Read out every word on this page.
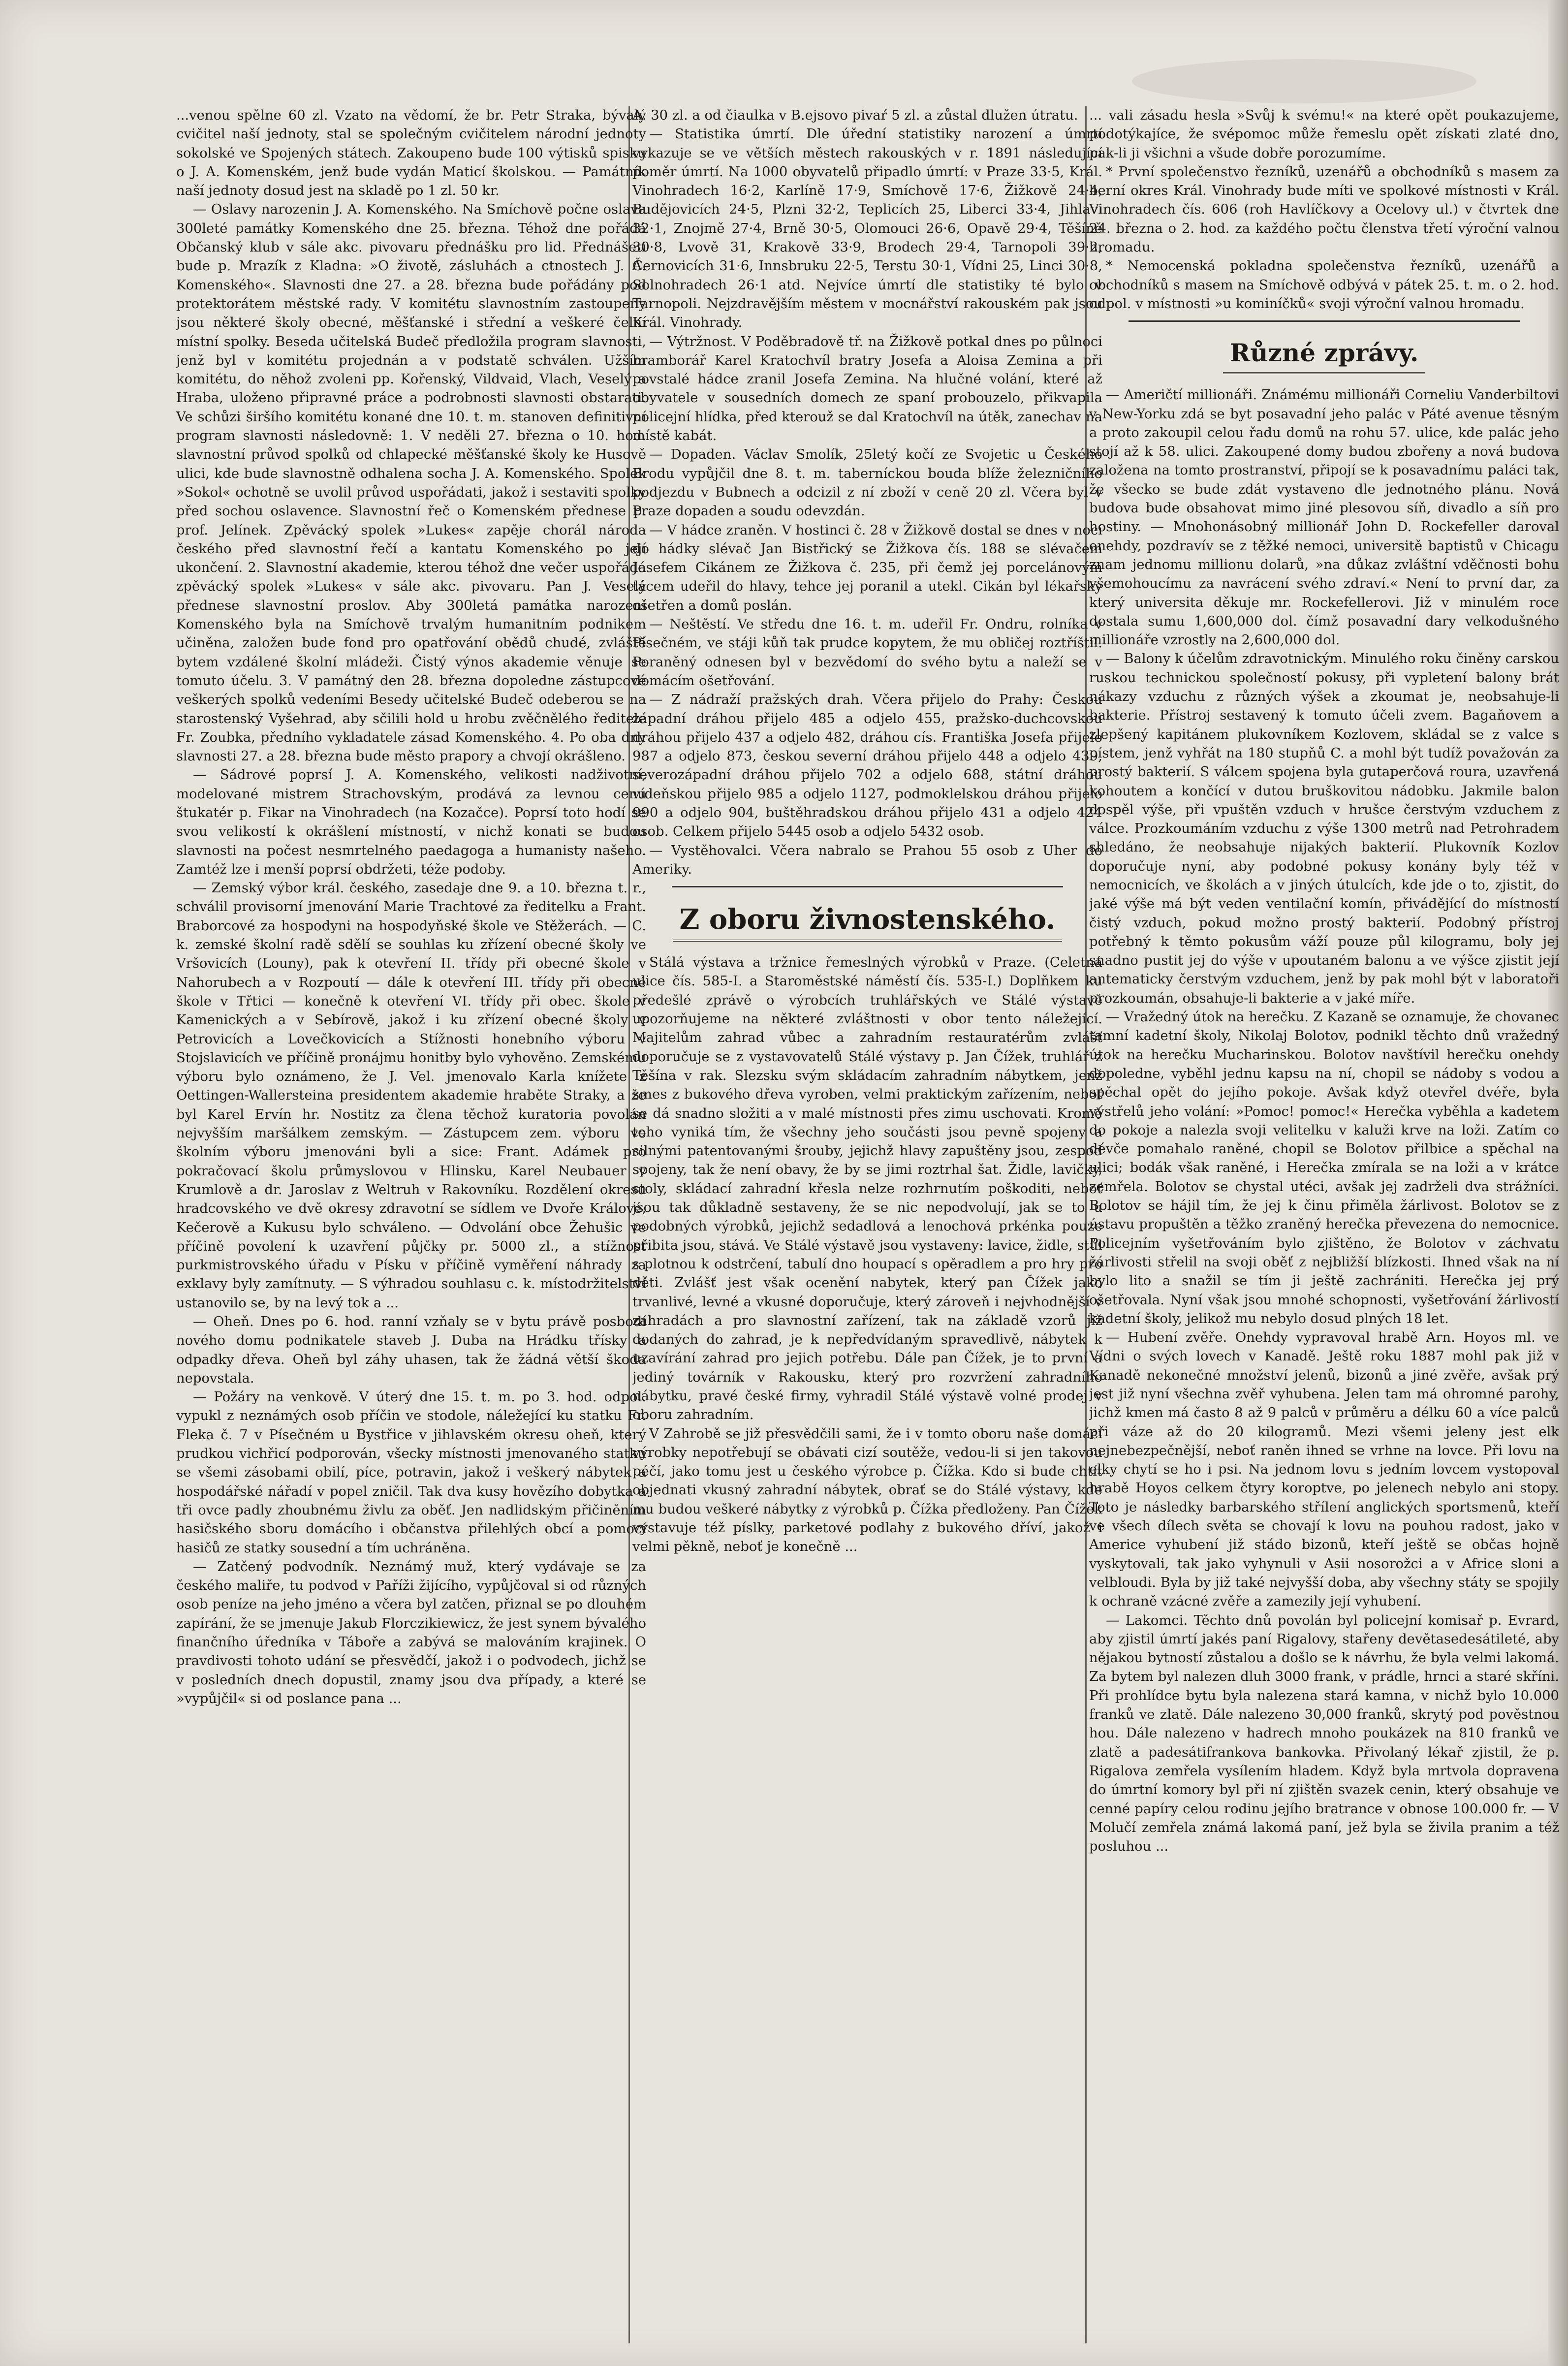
...venou spělne 60 zl. Vzato na vědomí, že br. Petr Straka, bývalý cvičitel naší jednoty, stal se společným cvičitelem národní jednoty sokolské ve Spojených státech. Zakoupeno bude 100 výtisků spisku o J. A. Komenském, jenž bude vydán Maticí školskou. — Památník naší jednoty dosud jest na skladě po 1 zl. 50 kr.

— Oslavy narozenin J. A. Komenského. Na Smíchově počne oslava 300leté památky Komenského dne 25. března. Téhož dne pořádá Občanský klub v sále akc. pivovaru přednášku pro lid. Přednášeti bude p. Mrazík z Kladna: »O životě, zásluhách a ctnostech J. A. Komenského«. Slavnosti dne 27. a 28. března bude pořádány pod protektorátem městské rady. V komitétu slavnostním zastoupeny jsou některé školy obecné, měšťanské i střední a veškeré čelní místní spolky. Beseda učitelská Budeč předložila program slavnosti, jenž byl v komitétu projednán a v podstatě schválen. Užším komitétu, do něhož zvoleni pp. Kořenský, Vildvaid, Vlach, Veselý a Hraba, uloženo připravné práce a podrobnosti slavnosti obstarati. Ve schůzi širšího komitétu konané dne 10. t. m. stanoven definitivní program slavnosti následovně: 1. V neděli 27. března o 10. hod. slavnostní průvod spolků od chlapecké měšťanské školy ke Husově ulici, kde bude slavnostně odhalena socha J. A. Komenského. Spolek »Sokol« ochotně se uvolil průvod uspořádati, jakož i sestaviti spolky před sochou oslavence. Slavnostní řeč o Komenském přednese p. prof. Jelínek. Zpěvácký spolek »Lukes« zapěje chorál národa českého před slavnostní řečí a kantatu Komenského po její ukončení. 2. Slavnostní akademie, kterou téhož dne večer uspořádá zpěvácký spolek »Lukes« v sále akc. pivovaru. Pan J. Veselý přednese slavnostní proslov. Aby 300letá památka narození Komenského byla na Smíchově trvalým humanitním podnikem učiněna, založen bude fond pro opatřování obědů chudé, zvláště bytem vzdálené školní mládeži. Čistý výnos akademie věnuje se tomuto účelu. 3. V památný den 28. března dopoledne zástupcové veškerých spolků vedeními Besedy učitelské Budeč odeberou se na starostenský Vyšehrad, aby sčilili hold u hrobu zvěčnělého ředitele Fr. Zoubka, předního vykladatele zásad Komenského. 4. Po oba dny slavnosti 27. a 28. března bude město prapory a chvojí okrášleno.

— Sádrové poprsí J. A. Komenského, velikosti nadživotní, modelované mistrem Strachovským, prodává za levnou cenu štukatér p. Fikar na Vinohradech (na Kozačce). Poprsí toto hodí se svou velikostí k okrášlení místností, v nichž konati se budou slavnosti na počest nesmrtelného paedagoga a humanisty našeho. Zamtéž lze i menší poprsí obdržeti, téže podoby.

— Zemský výbor král. českého, zasedaje dne 9. a 10. března t. r., schválil provisorní jmenování Marie Trachtové za ředitelku a Frant. Braborcové za hospodyni na hospodyňské škole ve Stěžerách. — C. k. zemské školní radě sdělí se souhlas ku zřízení obecné školy ve Vršovicích (Louny), pak k otevření II. třídy při obecné škole v Nahorubech a v Rozpoutí — dále k otevření III. třídy při obecné škole v Třtici — konečně k otevření VI. třídy při obec. škole v Kamenických a v Sebírově, jakož i ku zřízení obecné školy v Petrovicích a Lovečkovicích a Stížnosti honebního výboru v Stojslavicích ve příčině pronájmu honitby bylo vyhověno. Zemskému výboru bylo oznámeno, že J. Vel. jmenovalo Karla knížete z Oettingen-Wallersteina presidentem akademie hraběte Straky, a že byl Karel Ervín hr. Nostitz za člena těchož kuratoria povolán nejvyšším maršálkem zemským. — Zástupcem zem. výboru ve školním výboru jmenováni byli a sice: Frant. Adámek pro pokračovací školu průmyslovou v Hlinsku, Karel Neubauer v Krumlově a dr. Jaroslav z Weltruh v Rakovníku. Rozdělení okresu hradcovského ve dvě okresy zdravotní se sídlem ve Dvoře Králové, Kečerově a Kukusu bylo schváleno. — Odvolání obce Žehušic ve příčině povolení k uzavření půjčky pr. 5000 zl., a stížnost purkmistrovského úřadu v Písku v příčině vyměření náhrady za exklavy byly zamítnuty. — S výhradou souhlasu c. k. místodržitelství ustanovilo se, by na levý tok a ...

— Oheň. Dnes po 6. hod. ranní vzňaly se v bytu právě posbodí nového domu podnikatele staveb J. Duba na Hrádku třísky a odpadky dřeva. Oheň byl záhy uhasen, tak že žádná větší škoda nepovstala.

— Požáry na venkově. V úterý dne 15. t. m. po 3. hod. odpol. vypukl z neznámých osob příčin ve stodole, náležející ku statku Fr. Fleka č. 7 v Písečném u Bystřice v jihlavském okresu oheň, který prudkou vichřicí podporován, všecky místnosti jmenovaného statku se všemi zásobami obilí, píce, potravin, jakož i veškerý nábytek a hospodářské nářadí v popel zničil. Tak dva kusy hovězího dobytka a tři ovce padly zhoubnému živlu za oběť. Jen nadlidským přičiněním hasičského sboru domácího i občanstva přilehlých obcí a pomocí hasičů ze statky sousední a tím uchráněna.

— Zatčený podvodník. Neznámý muž, který vydávaje se za českého maliře, tu podvod v Paříži žijícího, vypůjčoval si od různých osob peníze na jeho jméno a včera byl zatčen, přiznal se po dlouhém zapírání, že se jmenuje Jakub Florczikiewicz, že jest synem bývalého finančního úředníka v Táboře a zabývá se malováním krajinek. O pravdivosti tohoto udání se přesvědčí, jakož i o podvodech, jichž se v posledních dnech dopustil, znamy jsou dva případy, a které se »vypůjčil« si od poslance pana ...

A. 30 zl. a od čiaulka v B.ejsovo pivaŕ 5 zl. a zůstal dlužen útratu.

— Statistika úmrtí. Dle úřední statistiky narození a úmrtí vykazuje se ve větších městech rakouských v r. 1891 následující poměr úmrtí. Na 1000 obyvatelů připadlo úmrtí: v Praze 33·5, Král. Vinohradech 16·2, Karlíně 17·9, Smíchově 17·6, Žižkově 24·4, Budějovicích 24·5, Plzni 32·2, Teplicích 25, Liberci 33·4, Jihlavi 32·1, Znojmě 27·4, Brně 30·5, Olomouci 26·6, Opavě 29·4, Těšíně 30·8, Lvově 31, Krakově 33·9, Brodech 29·4, Tarnopoli 39·2, Černovicích 31·6, Innsbruku 22·5, Terstu 30·1, Vídni 25, Linci 30·8, Solnohradech 26·1 atd. Nejvíce úmrtí dle statistiky té bylo v Tarnopoli. Nejzdravějším městem v mocnářství rakouském pak jsou Král. Vinohrady.

— Výtržnost. V Poděbradově tř. na Žižkově potkal dnes po půlnoci bramborář Karel Kratochvíl bratry Josefa a Aloisa Zemina a při povstalé hádce zranil Josefa Zemina. Na hlučné volání, které až obyvatele v sousedních domech ze spaní probouzelo, přikvapila policejní hlídka, před kterouž se dal Kratochvíl na útěk, zanechav na místě kabát.

— Dopaden. Václav Smolík, 25letý kočí ze Svojetic u Českého Brodu vypůjčil dne 8. t. m. taberníckou bouda blíže železničního podjezdu v Bubnech a odcizil z ní zboží v ceně 20 zl. Včera byl v Praze dopaden a soudu odevzdán.

— V hádce zraněn. V hostinci č. 28 v Žižkově dostal se dnes v noci do hádky slévač Jan Bistřický se Žižkova čís. 188 se slévačem Josefem Cikánem ze Žižkova č. 235, při čemž jej porcelánovým tácem udeřil do hlavy, tehce jej poranil a utekl. Cikán byl lékařsky ošetřen a domů poslán.

— Neštěstí. Ve středu dne 16. t. m. udeřil Fr. Ondru, rolníka v Písečném, ve stáji kůň tak prudce kopytem, že mu obličej roztříštil. Poraněný odnesen byl v bezvědomí do svého bytu a naleží se v domácím ošetřování.

— Z nádraží pražských drah. Včera přijelo do Prahy: Českou západní dráhou přijelo 485 a odjelo 455, pražsko-duchcovskou dráhou přijelo 437 a odjelo 482, dráhou cís. Františka Josefa přijelo 987 a odjelo 873, českou severní dráhou přijelo 448 a odjelo 439, severozápadní dráhou přijelo 702 a odjelo 688, státní dráhou vídeňskou přijelo 985 a odjelo 1127, podmoklelskou dráhou přijelo 990 a odjelo 904, buštěhradskou dráhou přijelo 431 a odjelo 424 osob. Celkem přijelo 5445 osob a odjelo 5432 osob.

— Vystěhovalci. Včera nabralo se Prahou 55 osob z Uher do Ameriky.

Z oboru živnostenského.

Stálá výstava a tržnice řemeslných výrobků v Praze. (Celetná ulice čís. 585-I. a Staroměstské náměstí čís. 535-I.) Doplňkem ku předešlé zprávě o výrobcích truhlářských ve Stálé výstavě upozorňujeme na některé zvláštnosti v obor tento náležející. Majitelům zahrad vůbec a zahradním restauratérům zvlášť doporučuje se z vystavovatelů Stálé výstavy p. Jan Čížek, truhlář z Těšína v rak. Slezsku svým skládacím zahradním nábytkem, jenž smes z bukového dřeva vyroben, velmi praktickým zařízením, neboť se dá snadno složiti a v malé místnosti přes zimu uschovati. Kromě toho vyniká tím, že všechny jeho součásti jsou pevně spojeny a silnými patentovanými šrouby, jejichž hlavy zapuštěny jsou, zespod spojeny, tak že není obavy, že by se jimi roztrhal šat. Židle, lavičky, stoly, skládací zahradní křesla nelze rozhrnutím poškoditi, neboť jsou tak důkladně sestaveny, že se nic nepodvolují, jak se to u podobných výrobků, jejichž sedadlová a lenochová prkénka pouze přibita jsou, stává. Ve Stálé výstavě jsou vystaveny: lavice, židle, stůl s plotnou k odstrčení, tabulí dno houpací s opěradlem a pro hry pro děti. Zvlášť jest však ocenění nabytek, který pan Čížek jako trvanlivé, levné a vkusné doporučuje, který zároveň i nejvhodnější v zahradách a pro slavnostní zařízení, tak na základě vzorů již dodaných do zahrad, je k nepředvídaným spravedlivě, nábytek k uzavírání zahrad pro jejich potřebu. Dále pan Čížek, je to první a jediný továrník v Rakousku, který pro rozvržení zahradního nábytku, pravé české firmy, vyhradil Stálé výstavě volné prodej v oboru zahradním.

V Zahrobě se již přesvědčili sami, že i v tomto oboru naše domácí výrobky nepotřebují se obávati cizí soutěže, vedou-li si jen takovou péčí, jako tomu jest u českého výrobce p. Čížka. Kdo si bude chtít objednati vkusný zahradní nábytek, obrať se do Stálé výstavy, kde mu budou veškeré nábytky z výrobků p. Čížka předloženy. Pan Čížek vystavuje též píslky, parketové podlahy z bukového dříví, jakož i velmi pěkně, neboť je konečně ...

... vali zásadu hesla »Svůj k svému!« na které opět poukazujeme, podotýkajíce, že svépomoc může řemeslu opět získati zlaté dno, pak-li ji všichni a všude dobře porozumíme.

* První společenstvo řezníků, uzenářů a obchodníků s masem za berní okres Král. Vinohrady bude míti ve spolkové místnosti v Král. Vinohradech čís. 606 (roh Havlíčkovy a Ocelovy ul.) v čtvrtek dne 24. března o 2. hod. za každého počtu členstva třetí výroční valnou hromadu.

* Nemocenská pokladna společenstva řezníků, uzenářů a obchodníků s masem na Smíchově odbývá v pátek 25. t. m. o 2. hod. odpol. v místnosti »u kominíčků« svoji výroční valnou hromadu.

Různé zprávy.

— Američtí millionáři. Známému millionáři Corneliu Vanderbiltovi v New-Yorku zdá se byt posavadní jeho palác v Páté avenue těsným a proto zakoupil celou řadu domů na rohu 57. ulice, kde palác jeho stojí až k 58. ulici. Zakoupené domy budou zbořeny a nová budova založena na tomto prostranství, připojí se k posavadnímu paláci tak, že všecko se bude zdát vystaveno dle jednotného plánu. Nová budova bude obsahovat mimo jiné plesovou síň, divadlo a síň pro hostiny. — Mnohonásobný millionář John D. Rockefeller daroval onehdy, pozdravív se z těžké nemoci, universitě baptistů v Chicagu znam jednomu millionu dolarů, »na důkaz zvláštní vděčnosti bohu všemohoucímu za navrácení svého zdraví.« Není to první dar, za který universita děkuje mr. Rockefellerovi. Již v minulém roce dostala sumu 1,600,000 dol. čímž posavadní dary velkodušného millionáře vzrostly na 2,600,000 dol.

— Balony k účelům zdravotnickým. Minulého roku činěny carskou ruskou technickou společností pokusy, při vypletení balony brát nákazy vzduchu z různých výšek a zkoumat je, neobsahuje-li bakterie. Přístroj sestavený k tomuto účeli zvem. Bagaňovem a zlepšený kapitánem plukovníkem Kozlovem, skládal se z valce s pístem, jenž vyhřát na 180 stupňů C. a mohl být tudíž považován za prostý bakterií. S válcem spojena byla gutaperčová roura, uzavřená kohoutem a končící v dutou bruškovitou nádobku. Jakmile balon dospěl výše, při vpuštěn vzduch v hrušce čerstvým vzduchem z válce. Prozkoumáním vzduchu z výše 1300 metrů nad Petrohradem shledáno, že neobsahuje nijakých bakterií. Plukovník Kozlov doporučuje nyní, aby podobné pokusy konány byly též v nemocnicích, ve školách a v jiných útulcích, kde jde o to, zjistit, do jaké výše má být veden ventilační komín, přivádějící do místností čistý vzduch, pokud možno prostý bakterií. Podobný přístroj potřebný k těmto pokusům váží pouze půl kilogramu, boly jej snadno pustit jej do výše v upoutaném balonu a ve výšce zjistit její antematicky čerstvým vzduchem, jenž by pak mohl být v laboratoři prozkoumán, obsahuje-li bakterie a v jaké míře.

— Vražedný útok na herečku. Z Kazaně se oznamuje, že chovanec tamní kadetní školy, Nikolaj Bolotov, podnikl těchto dnů vražedný útok na herečku Mucharinskou. Bolotov navštívil herečku onehdy dopoledne, vyběhl jednu kapsu na ní, chopil se nádoby s vodou a spěchal opět do jejího pokoje. Avšak když otevřel dvéře, byla výstřelů jeho volání: »Pomoc! pomoc!« Herečka vyběhla a kadetem do pokoje a nalezla svoji velitelku v kaluži krve na loži. Zatím co dévče pomahalo raněné, chopil se Bolotov přilbice a spěchal na ulici; bodák však raněné, i Herečka zmírala se na loži a v krátce zemřela. Bolotov se chystal utéci, avšak jej zadrželi dva strážníci. Bolotov se hájil tím, že jej k činu přiměla žárlivost. Bolotov se z ústavu propuštěn a těžko zraněný herečka převezena do nemocnice. Policejním vyšetřováním bylo zjištěno, že Bolotov v záchvatu žárlivosti střelil na svoji oběť z nejbližší blízkosti. Ihned však na ní bylo lito a snažil se tím ji ještě zachrániti. Herečka jej prý ošetřovala. Nyní však jsou mnohé schopnosti, vyšetřování žárlivostí kadetní školy, jelikož mu nebylo dosud plných 18 let.

— Hubení zvěře. Onehdy vypravoval hrabě Arn. Hoyos ml. ve Vídni o svých lovech v Kanadě. Ještě roku 1887 mohl pak již v Kanadě nekonečné množství jelenů, bizonů a jiné zvěře, avšak prý jest již nyní všechna zvěř vyhubena. Jelen tam má ohromné parohy, jichž kmen má často 8 až 9 palců v průměru a délku 60 a více palců při váze až do 20 kilogramů. Mezi všemi jeleny jest elk nejnebezpečnější, neboť raněn ihned se vrhne na lovce. Při lovu na elky chytí se ho i psi. Na jednom lovu s jedním lovcem vystopoval hrabě Hoyos celkem čtyry koroptve, po jelenech nebylo ani stopy. Toto je následky barbarského střílení anglických sportsmenů, kteří ve všech dílech světa se chovají k lovu na pouhou radost, jako v Americe vyhubení již stádo bizonů, kteří ještě se občas hojně vyskytovali, tak jako vyhynuli v Asii nosorožci a v Africe sloni a velbloudi. Byla by již také nejvyšší doba, aby všechny státy se spojily k ochraně vzácné zvěře a zamezily její vyhubení.

— Lakomci. Těchto dnů povolán byl policejní komisař p. Evrard, aby zjistil úmrtí jakés paní Rigalovy, stařeny devětasedesátileté, aby nějakou bytností zůstalou a došlo se k návrhu, že byla velmi lakomá. Za bytem byl nalezen dluh 3000 frank, v prádle, hrnci a staré skříni. Při prohlídce bytu byla nalezena stará kamna, v nichž bylo 10.000 franků ve zlatě. Dále nalezeno 30,000 franků, skrytý pod pověstnou hou. Dále nalezeno v hadrech mnoho poukázek na 810 franků ve zlatě a padesátifrankova bankovka. Přivolaný lékař zjistil, že p. Rigalova zemřela vysílením hladem. Když byla mrtvola dopravena do úmrtní komory byl při ní zjištěn svazek cenin, který obsahuje ve cenné papíry celou rodinu jejího bratrance v obnose 100.000 fr. — V Molučí zemřela známá lakomá paní, jež byla se živila pranim a též posluhou ...
